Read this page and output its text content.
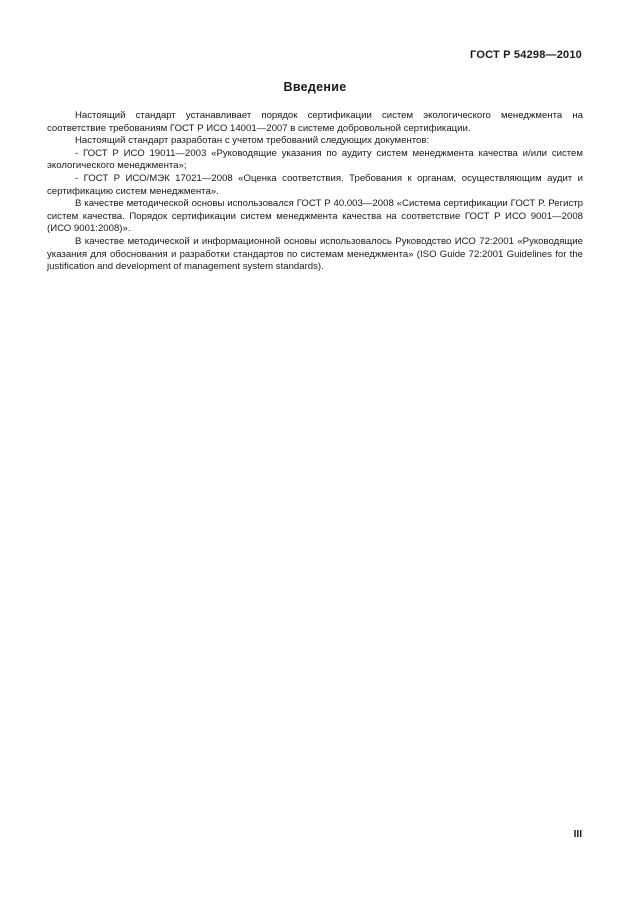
ГОСТ Р 54298—2010
Введение

Настоящий стандарт устанавливает порядок сертификации систем экологического менеджмента на соответствие требованиям ГОСТ Р ИСО 14001—2007 в системе добровольной сертификации.

Настоящий стандарт разработан с учетом требований следующих документов:

- ГОСТ Р ИСО 19011—2003 «Руководящие указания по аудиту систем менеджмента качества и/или систем экологического менеджмента»;

- ГОСТ Р ИСО/МЭК 17021—2008 «Оценка соответствия. Требования к органам, осуществляющим аудит и сертификацию систем менеджмента».

В качестве методической основы использовался ГОСТ Р 40.003—2008 «Система сертификации ГОСТ Р. Регистр систем качества. Порядок сертификации систем менеджмента качества на соответствие ГОСТ Р ИСО 9001—2008 (ИСО 9001:2008)».

В качестве методической и информационной основы использовалось Руководство ИСО 72:2001 «Руководящие указания для обоснования и разработки стандартов по системам менеджмента» (ISO Guide 72:2001 Guidelines for the justification and development of management system standards).

III
